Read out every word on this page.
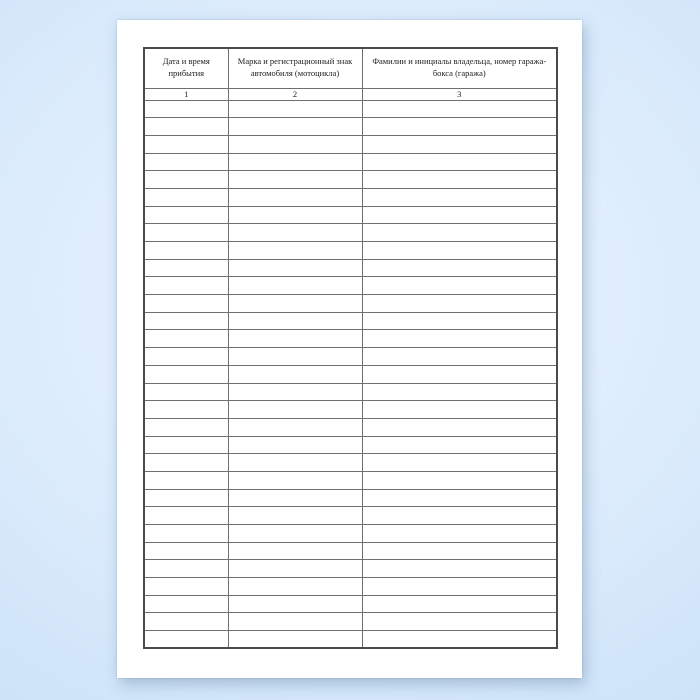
Дата и время прибытия	Марка и регистрационный знак автомобиля (мотоцикла)	Фамилии и инициалы владельца, номер гаража-бокса (гаража)
1	2	3
